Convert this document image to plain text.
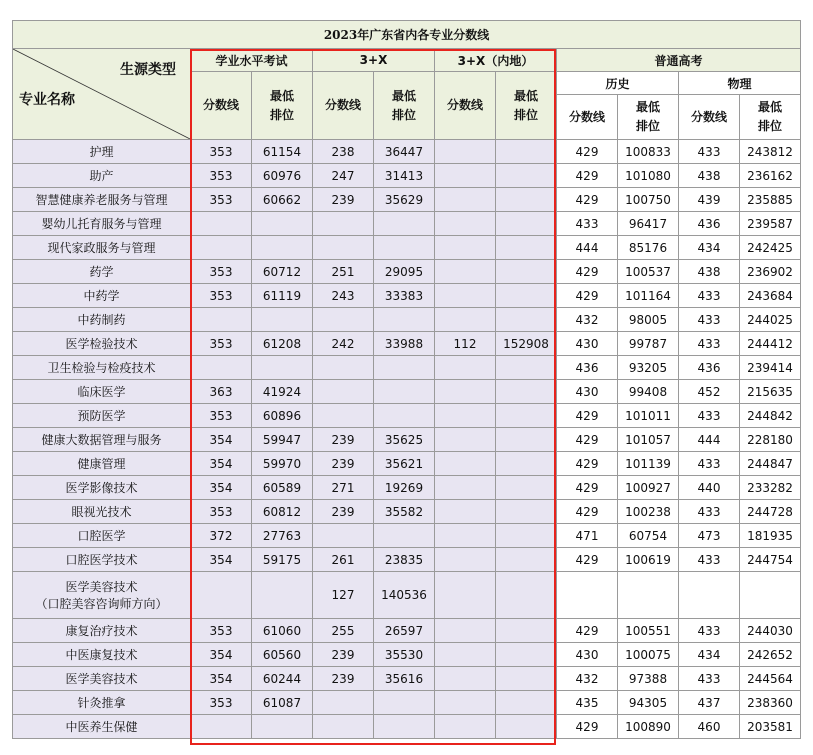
2023年广东省内各专业分数线										

生源类型
专业名称	学业水平考试		3+X		3+X（内地）		普通高考			
	分数线	最低排位	分数线	最低排位	分数线	最低排位	历史		物理	
							分数线	最低排位	分数线	最低排位

护理	353	61154	238	36447			429	100833	433	243812

助产	353	60976	247	31413			429	101080	438	236162

智慧健康养老服务与管理	353	60662	239	35629			429	100750	439	235885

婴幼儿托育服务与管理							433	96417	436	239587

现代家政服务与管理							444	85176	434	242425

药学	353	60712	251	29095			429	100537	438	236902

中药学	353	61119	243	33383			429	101164	433	243684

中药制药							432	98005	433	244025

医学检验技术	353	61208	242	33988	112	152908	430	99787	433	244412

卫生检验与检疫技术							436	93205	436	239414

临床医学	363	41924					430	99408	452	215635

预防医学	353	60896					429	101011	433	244842

健康大数据管理与服务	354	59947	239	35625			429	101057	444	228180

健康管理	354	59970	239	35621			429	101139	433	244847

医学影像技术	354	60589	271	19269			429	100927	440	233282

眼视光技术	353	60812	239	35582			429	100238	433	244728

口腔医学	372	27763					471	60754	473	181935

口腔医学技术	354	59175	261	23835			429	100619	433	244754

医学美容技术
（口腔美容咨询师方向）			127	140536						

康复治疗技术	353	61060	255	26597			429	100551	433	244030

中医康复技术	354	60560	239	35530			430	100075	434	242652

医学美容技术	354	60244	239	35616			432	97388	433	244564

针灸推拿	353	61087					435	94305	437	238360

中医养生保健							429	100890	460	203581
